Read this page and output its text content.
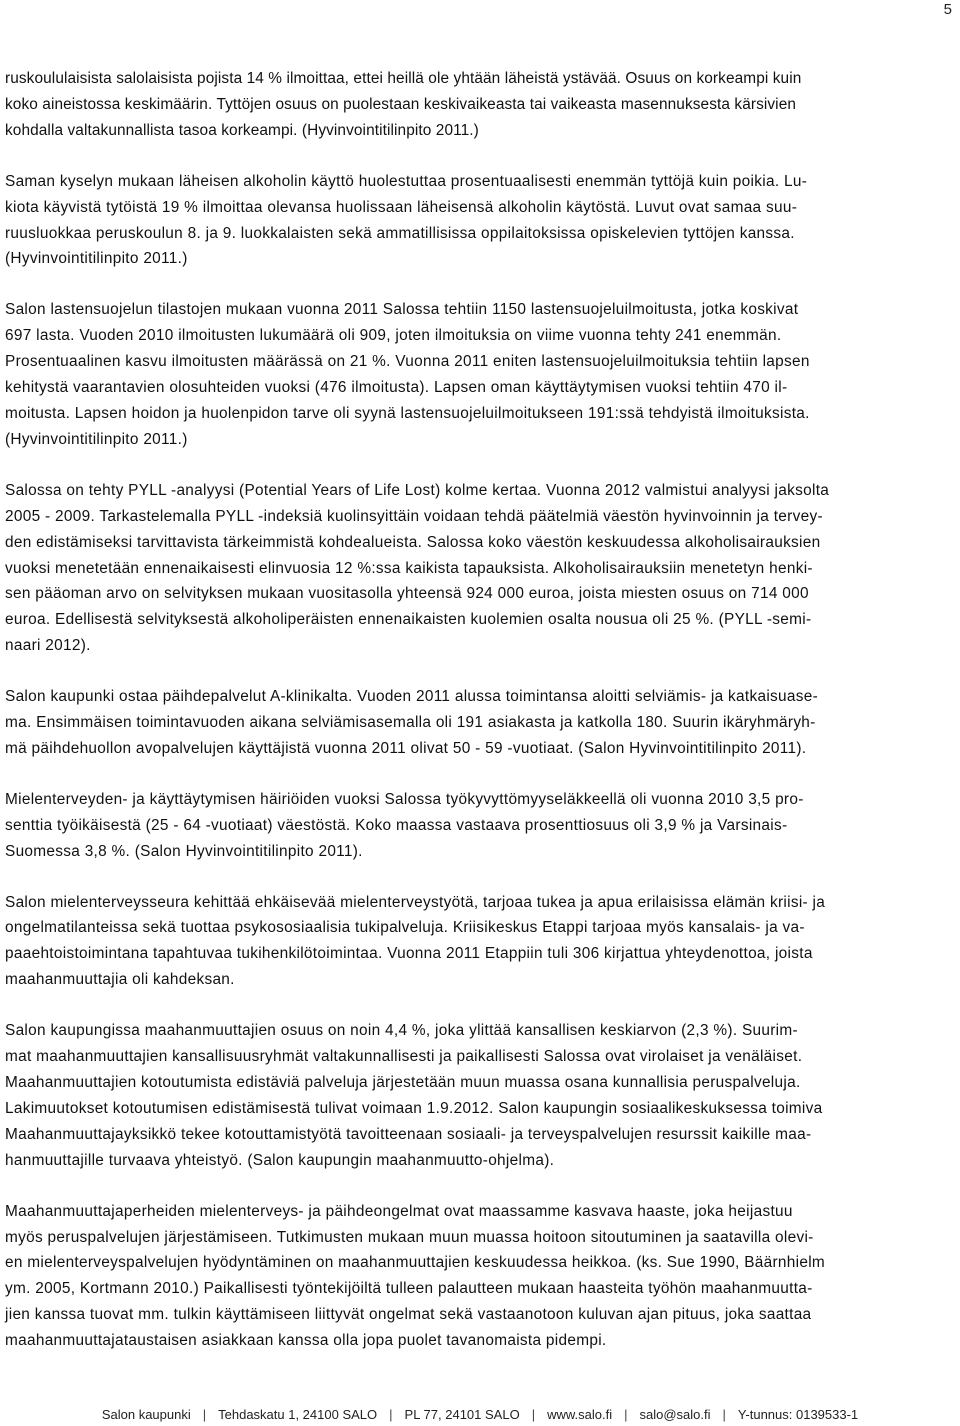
5

ruskoululaisista salolaisista pojista 14 % ilmoittaa, ettei heillä ole yhtään läheistä ystävää. Osuus on korkeampi kuin
koko aineistossa keskimäärin. Tyttöjen osuus on puolestaan keskivaikeasta tai vaikeasta masennuksesta kärsivien
kohdalla valtakunnallista tasoa korkeampi. (Hyvinvointitilinpito 2011.)

Saman kyselyn mukaan läheisen alkoholin käyttö huolestuttaa prosentuaalisesti enemmän tyttöjä kuin poikia. Lu-
kiota käyvistä tytöistä 19 % ilmoittaa olevansa huolissaan läheisensä alkoholin käytöstä. Luvut ovat samaa suu-
ruusluokkaa peruskoulun 8. ja 9. luokkalaisten sekä ammatillisissa oppilaitoksissa opiskelevien tyttöjen kanssa.
(Hyvinvointitilinpito 2011.)

Salon lastensuojelun tilastojen mukaan vuonna 2011 Salossa tehtiin 1150 lastensuojeluilmoitusta, jotka koskivat
697 lasta. Vuoden 2010 ilmoitusten lukumäärä oli 909, joten ilmoituksia on viime vuonna tehty 241 enemmän.
Prosentuaalinen kasvu ilmoitusten määrässä on 21 %. Vuonna 2011 eniten lastensuojeluilmoituksia tehtiin lapsen
kehitystä vaarantavien olosuhteiden vuoksi (476 ilmoitusta). Lapsen oman käyttäytymisen vuoksi tehtiin 470 il-
moitusta. Lapsen hoidon ja huolenpidon tarve oli syynä lastensuojeluilmoitukseen 191:ssä tehdyistä ilmoituksista.
(Hyvinvointitilinpito 2011.)

Salossa on tehty PYLL -analyysi (Potential Years of Life Lost) kolme kertaa. Vuonna 2012 valmistui analyysi jaksolta
2005 - 2009. Tarkastelemalla PYLL -indeksiä kuolinsyittäin voidaan tehdä päätelmiä väestön hyvinvoinnin ja tervey-
den edistämiseksi tarvittavista tärkeimmistä kohdealueista. Salossa koko väestön keskuudessa alkoholisairauksien
vuoksi menetetään ennenaikaisesti elinvuosia 12 %:ssa kaikista tapauksista. Alkoholisairauksiin menetetyn henki-
sen pääoman arvo on selvityksen mukaan vuositasolla yhteensä 924 000 euroa, joista miesten osuus on 714 000
euroa. Edellisestä selvityksestä alkoholiperäisten ennenaikaisten kuolemien osalta nousua oli 25 %. (PYLL -semi-
naari 2012).

Salon kaupunki ostaa päihdepalvelut A-klinikalta. Vuoden 2011 alussa toimintansa aloitti selviämis- ja katkaisuase-
ma. Ensimmäisen toimintavuoden aikana selviämisasemalla oli 191 asiakasta ja katkolla 180. Suurin ikäryhmäryh-
mä päihdehuollon avopalvelujen käyttäjistä vuonna 2011 olivat 50 - 59 -vuotiaat. (Salon Hyvinvointitilinpito 2011).

Mielenterveyden- ja käyttäytymisen häiriöiden vuoksi Salossa työkyvyttömyyseläkkeellä oli vuonna 2010 3,5 pro-
senttia työikäisestä (25 - 64 -vuotiaat) väestöstä. Koko maassa vastaava prosenttiosuus oli 3,9 % ja Varsinais-
Suomessa 3,8 %. (Salon Hyvinvointitilinpito 2011).

Salon mielenterveysseura kehittää ehkäisevää mielenterveystyötä, tarjoaa tukea ja apua erilaisissa elämän kriisi- ja
ongelmatilanteissa sekä tuottaa psykososiaalisia tukipalveluja. Kriisikeskus Etappi tarjoaa myös kansalais- ja va-
paaehtoistoimintana tapahtuvaa tukihenkilötoimintaa. Vuonna 2011 Etappiin tuli 306 kirjattua yhteydenottoa, joista
maahanmuuttajia oli kahdeksan.

Salon kaupungissa maahanmuuttajien osuus on noin 4,4 %, joka ylittää kansallisen keskiarvon (2,3 %). Suurim-
mat maahanmuuttajien kansallisuusryhmät valtakunnallisesti ja paikallisesti Salossa ovat virolaiset ja venäläiset.
Maahanmuuttajien kotoutumista edistäviä palveluja järjestetään muun muassa osana kunnallisia peruspalveluja.
Lakimuutokset kotoutumisen edistämisestä tulivat voimaan 1.9.2012. Salon kaupungin sosiaalikeskuksessa toimiva
Maahanmuuttajayksikkö tekee kotouttamistyötä tavoitteenaan sosiaali- ja terveyspalvelujen resurssit kaikille maa-
hanmuuttajille turvaava yhteistyö. (Salon kaupungin maahanmuutto-ohjelma).

Maahanmuuttajaperheiden mielenterveys- ja päihdeongelmat ovat maassamme kasvava haaste, joka heijastuu
myös peruspalvelujen järjestämiseen. Tutkimusten mukaan muun muassa hoitoon sitoutuminen ja saatavilla olevi-
en mielenterveyspalvelujen hyödyntäminen on maahanmuuttajien keskuudessa heikkoa. (ks. Sue 1990, Bäärnhielm
ym. 2005, Kortmann 2010.) Paikallisesti työntekijöiltä tulleen palautteen mukaan haasteita työhön maahanmuutta-
jien kanssa tuovat mm. tulkin käyttämiseen liittyvät ongelmat sekä vastaanotoon kuluvan ajan pituus, joka saattaa
maahanmuuttajataustaisen asiakkaan kanssa olla jopa puolet tavanomaista pidempi.

Salon kaupunki | Tehdaskatu 1, 24100 SALO | PL 77, 24101 SALO | www.salo.fi | salo@salo.fi | Y-tunnus: 0139533-1
